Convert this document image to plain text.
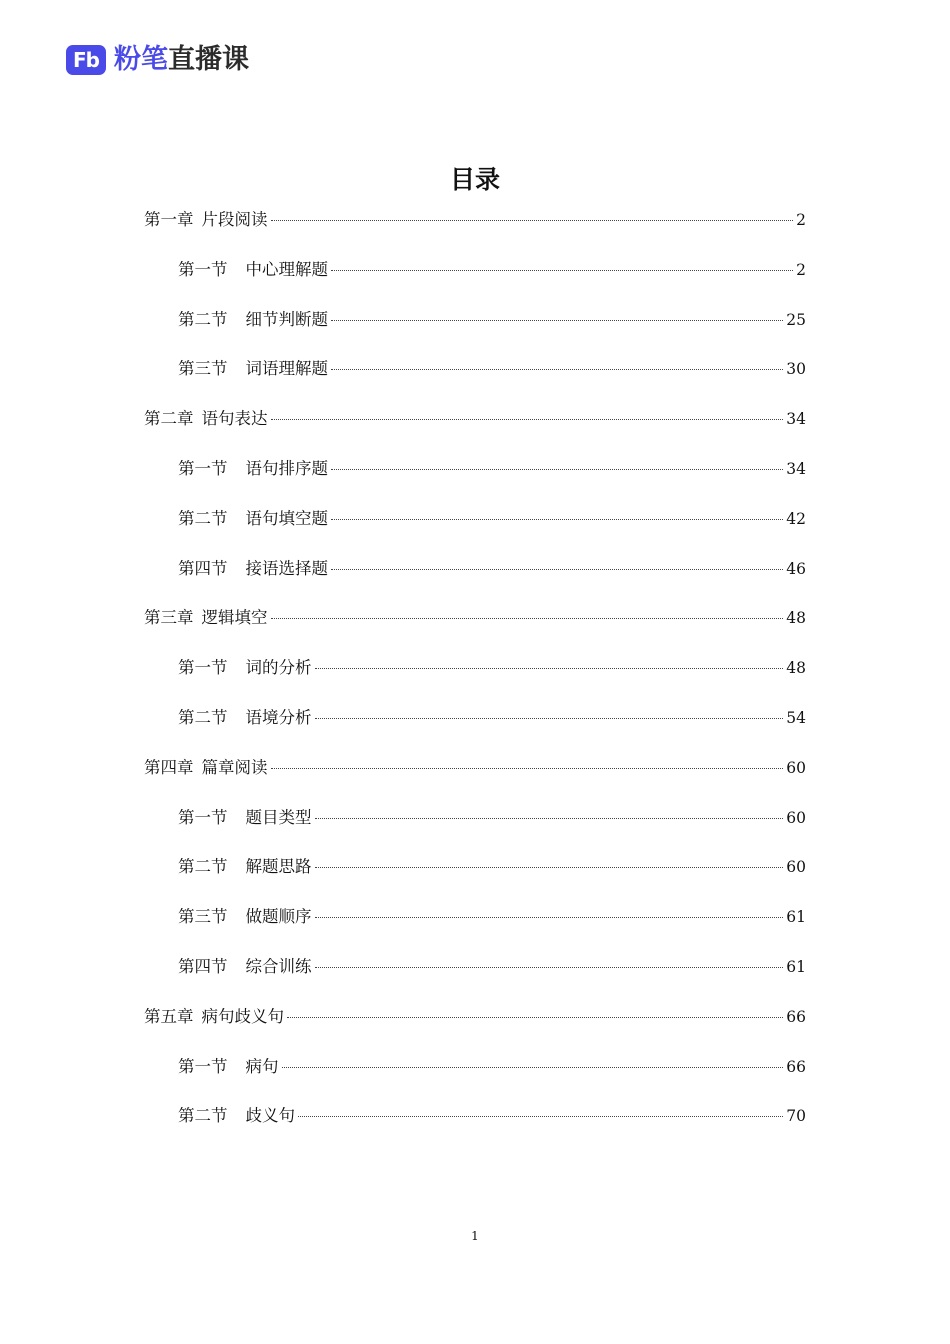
Fb 粉笔直播课
目录
第一章 片段阅读	2
第一节 中心理解题	2
第二节 细节判断题	25
第三节 词语理解题	30
第二章 语句表达	34
第一节 语句排序题	34
第二节 语句填空题	42
第四节 接语选择题	46
第三章 逻辑填空	48
第一节 词的分析	48
第二节 语境分析	54
第四章 篇章阅读	60
第一节 题目类型	60
第二节 解题思路	60
第三节 做题顺序	61
第四节 综合训练	61
第五章 病句歧义句	66
第一节 病句	66
第二节 歧义句	70
1
